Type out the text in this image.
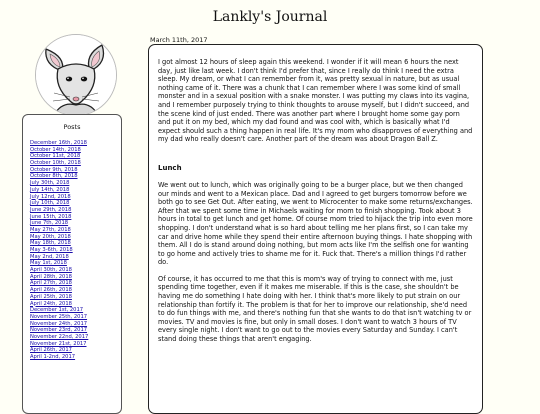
Lankly's Journal
Posts
December 16th, 2018
October 14th, 2018
October 11st, 2018
October 10th, 2018
October 9th, 2018
October 8th, 2018
July 30th, 2018
July 14th, 2018
July 12nd, 2018
July 10th, 2018
June 29th, 2018
June 15th, 2018
June 7th, 2018
May 27th, 2018
May 20th, 2018
May 18th, 2018
May 3-6th, 2018
May 2nd, 2018
May 1st, 2018
April 30th, 2018
April 28th, 2018
April 27th, 2018
April 26th, 2018
April 25th, 2018
April 24th, 2018
December 1st, 2017
November 25th, 2017
November 24th, 2017
November 23rd, 2017
November 22nd, 2017
November 21st, 2017
April 26th, 2017
April 1-2nd, 2017
March 11th, 2017

I got almost 12 hours of sleep again this weekend. I wonder if it will mean 6 hours the next day, just like last week. I don't think I'd prefer that, since I really do think I need the extra sleep. My dream, or what I can remember from it, was pretty sexual in nature, but as usual nothing came of it. There was a chunk that I can remember where I was some kind of small monster and in a sexual position with a snake monster. I was putting my claws into its vagina, and I remember purposely trying to think thoughts to arouse myself, but I didn't succeed, and the scene kind of just ended. There was another part where I brought home some gay porn and put it on my bed, which my dad found and was cool with, which is basically what I'd expect should such a thing happen in real life. It's my mom who disapproves of everything and my dad who really doesn't care. Another part of the dream was about Dragon Ball Z.

Lunch

We went out to lunch, which was originally going to be a burger place, but we then changed our minds and went to a Mexican place. Dad and I agreed to get burgers tomorrow before we both go to see Get Out. After eating, we went to Microcenter to make some returns/exchanges. After that we spent some time in Michaels waiting for mom to finish shopping. Took about 3 hours in total to get lunch and get home. Of course mom tried to hijack the trip into even more shopping. I don't understand what is so hard about telling me her plans first, so I can take my car and drive home while they spend their entire afternoon buying things. I hate shopping with them. All I do is stand around doing nothing, but mom acts like I'm the selfish one for wanting to go home and actively tries to shame me for it. Fuck that. There's a million things I'd rather do.

Of course, it has occurred to me that this is mom's way of trying to connect with me, just spending time together, even if it makes me miserable. If this is the case, she shouldn't be having me do something I hate doing with her. I think that's more likely to put strain on our relationship than fortify it. The problem is that for her to improve our relationship, she'd need to do fun things with me, and there's nothing fun that she wants to do that isn't watching tv or movies. TV and movies is fine, but only in small doses. I don't want to watch 3 hours of TV every single night. I don't want to go out to the movies every Saturday and Sunday. I can't stand doing these things that aren't engaging.
